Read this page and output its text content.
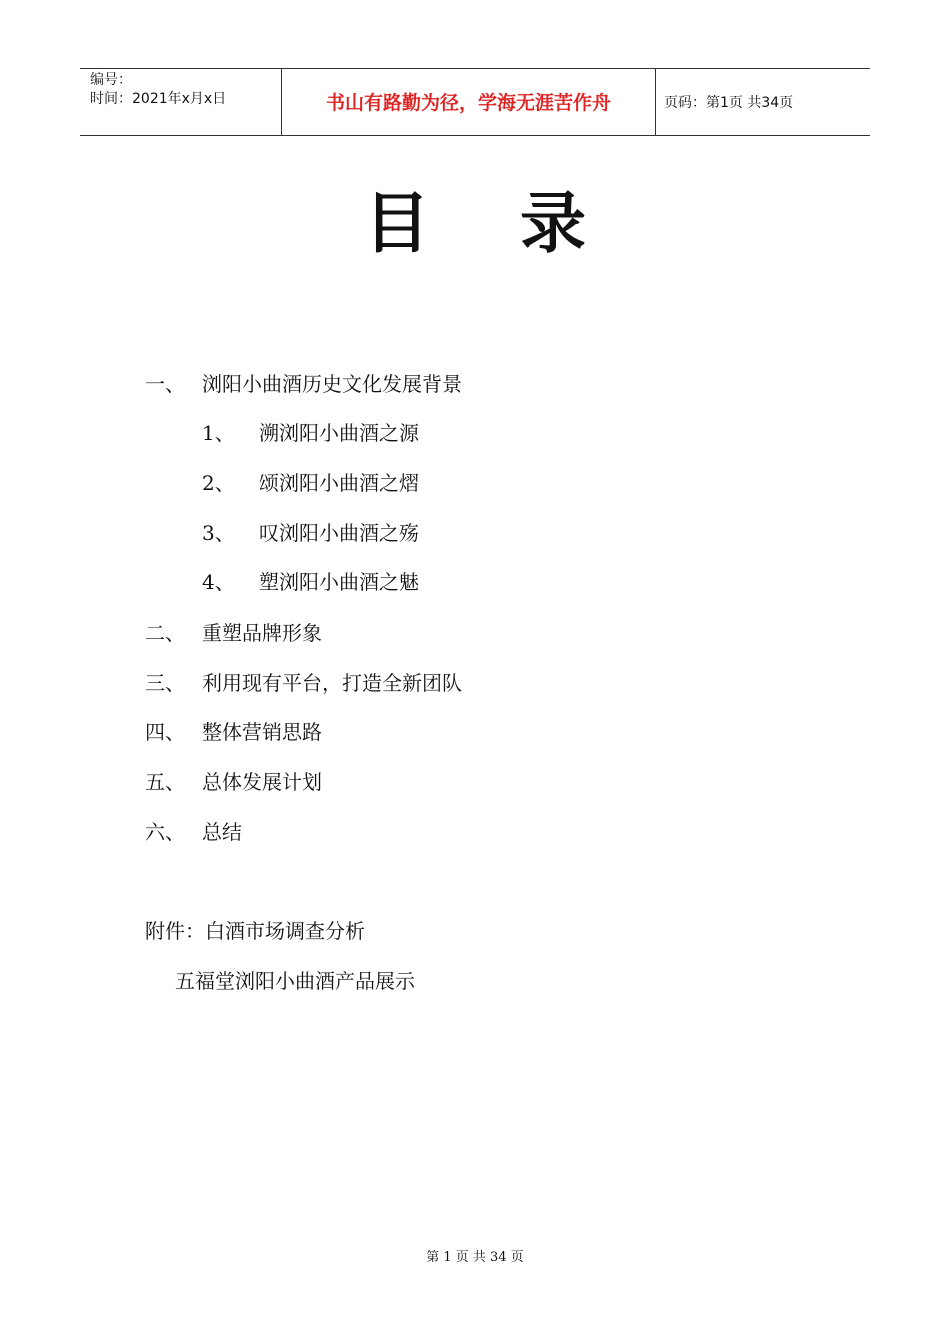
编号：
时间：2021年x月x日	书山有路勤为径，学海无涯苦作舟	页码：第1页 共34页
目 录
一、 浏阳小曲酒历史文化发展背景
1、 溯浏阳小曲酒之源
2、 颂浏阳小曲酒之熠
3、 叹浏阳小曲酒之殇
4、 塑浏阳小曲酒之魅
二、 重塑品牌形象
三、 利用现有平台，打造全新团队
四、 整体营销思路
五、 总体发展计划
六、 总结
附件：白酒市场调查分析
五福堂浏阳小曲酒产品展示
第 1 页 共 34 页
